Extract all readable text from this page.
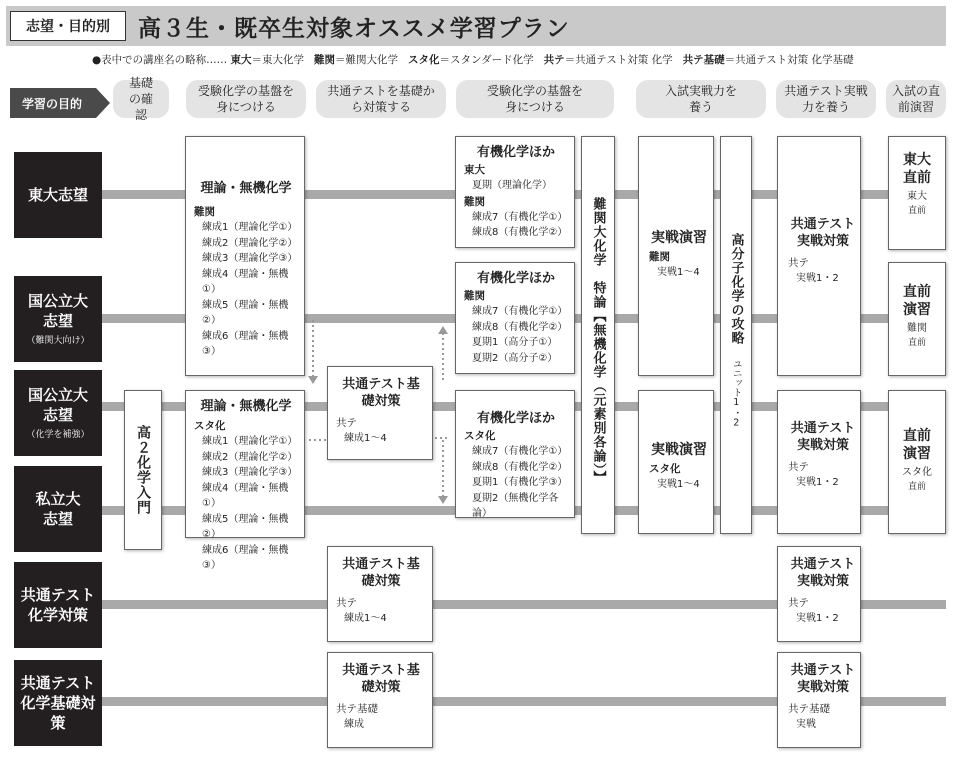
志望・目的別	高３生・既卒生対象オススメ学習プラン
●表中での講座名の略称…… 東大＝東大化学 難関＝難関大化学 スタ化＝スタンダード化学 共テ＝共通テスト対策 化学 共テ基礎＝共通テスト対策 化学基礎
学習の目的
基礎の確認
受験化学の基盤を身につける
共通テストを基礎から対策する
受験化学の基盤を身につける
入試実戦力を養う
共通テスト実戦力を養う
入試の直前演習
東大志望
国公立大志望
（難関大向け）
国公立大志望
（化学を補強）
私立大志望
共通テスト化学対策
共通テスト化学基礎対策
高２化学入門
理論・無機化学
難関
練成1（理論化学①）
練成2（理論化学②）
練成3（理論化学③）
練成4（理論・無機①）
練成5（理論・無機②）
練成6（理論・無機③）
理論・無機化学
スタ化
練成1（理論化学①）
練成2（理論化学②）
練成3（理論化学③）
練成4（理論・無機①）
練成5（理論・無機②）
練成6（理論・無機③）
共通テスト基礎対策
共テ
練成1～4
有機化学ほか
東大
夏期（理論化学）
難関
練成7（有機化学①）
練成8（有機化学②）
有機化学ほか
難関
練成7（有機化学①）
練成8（有機化学②）
夏期1（高分子①）
夏期2（高分子②）
有機化学ほか
スタ化
練成7（有機化学①）
練成8（有機化学②）
夏期1（有機化学③）
夏期2（無機化学各論）
難関大化学　特論【無機化学（元素別各論）】	実戦演習
難関
実戦1～4
実戦演習
スタ化
実戦1～4
高分子化学の攻略
ユニット1・2
共通テスト実戦対策
共テ
実戦1・2
共通テスト実戦対策
共テ
実戦1・2
東大直前
東大
直前
直前演習
難関
直前
直前演習
スタ化
直前
共通テスト基礎対策
共テ
練成1～4
共通テスト実戦対策
共テ
実戦1・2
共通テスト基礎対策
共テ基礎
練成
共通テスト実戦対策
共テ基礎
実戦
